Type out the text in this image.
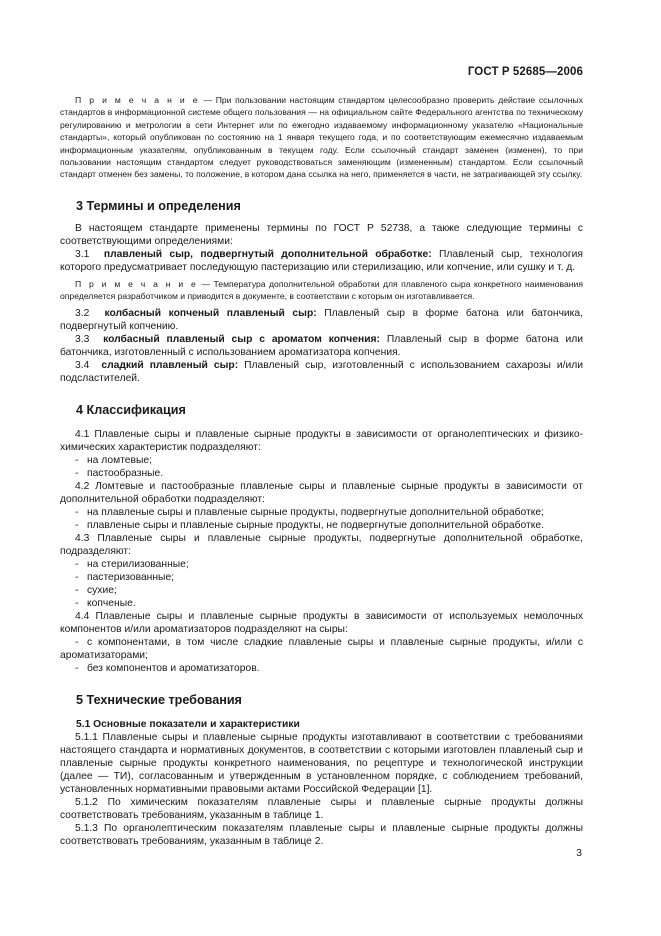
ГОСТ Р 52685—2006

П р и м е ч а н и е — При пользовании настоящим стандартом целесообразно проверить действие ссылочных стандартов в информационной системе общего пользования — на официальном сайте Федерального агентства по техническому регулированию и метрологии в сети Интернет или по ежегодно издаваемому информационному указателю «Национальные стандарты», который опубликован по состоянию на 1 января текущего года, и по соответствующим ежемесячно издаваемым информационным указателям, опубликованным в текущем году. Если ссылочный стандарт заменен (изменен), то при пользовании настоящим стандартом следует руководствоваться заменяющим (измененным) стандартом. Если ссылочный стандарт отменен без замены, то положение, в котором дана ссылка на него, применяется в части, не затрагивающей эту ссылку.

3 Термины и определения

В настоящем стандарте применены термины по ГОСТ Р 52738, а также следующие термины с соответствующими определениями:

3.1 плавленый сыр, подвергнутый дополнительной обработке: Плавленый сыр, технология которого предусматривает последующую пастеризацию или стерилизацию, или копчение, или сушку и т. д.

П р и м е ч а н и е — Температура дополнительной обработки для плавленого сыра конкретного наименования определяется разработчиком и приводится в документе, в соответствии с которым он изготавливается.

3.2 колбасный копченый плавленый сыр: Плавленый сыр в форме батона или батончика, подвергнутый копчению.

3.3 колбасный плавленый сыр с ароматом копчения: Плавленый сыр в форме батона или батончика, изготовленный с использованием ароматизатора копчения.

3.4 сладкий плавленый сыр: Плавленый сыр, изготовленный с использованием сахарозы и/или подсластителей.

4 Классификация

4.1 Плавленые сыры и плавленые сырные продукты в зависимости от органолептических и физико-химических характеристик подразделяют:

- на ломтевые;

- пастообразные.

4.2 Ломтевые и пастообразные плавленые сыры и плавленые сырные продукты в зависимости от дополнительной обработки подразделяют:

- на плавленые сыры и плавленые сырные продукты, подвергнутые дополнительной обработке;

- плавленые сыры и плавленые сырные продукты, не подвергнутые дополнительной обработке.

4.3 Плавленые сыры и плавленые сырные продукты, подвергнутые дополнительной обработке, подразделяют:

- на стерилизованные;

- пастеризованные;

- сухие;

- копченые.

4.4 Плавленые сыры и плавленые сырные продукты в зависимости от используемых немолочных компонентов и/или ароматизаторов подразделяют на сыры:

- с компонентами, в том числе сладкие плавленые сыры и плавленые сырные продукты, и/или с ароматизаторами;

- без компонентов и ароматизаторов.

5 Технические требования
5.1 Основные показатели и характеристики

5.1.1 Плавленые сыры и плавленые сырные продукты изготавливают в соответствии с требованиями настоящего стандарта и нормативных документов, в соответствии с которыми изготовлен плавленый сыр и плавленые сырные продукты конкретного наименования, по рецептуре и технологической инструкции (далее — ТИ), согласованным и утвержденным в установленном порядке, с соблюдением требований, установленных нормативными правовыми актами Российской Федерации [1].

5.1.2 По химическим показателям плавленые сыры и плавленые сырные продукты должны соответствовать требованиям, указанным в таблице 1.

5.1.3 По органолептическим показателям плавленые сыры и плавленые сырные продукты должны соответствовать требованиям, указанным в таблице 2.

3
